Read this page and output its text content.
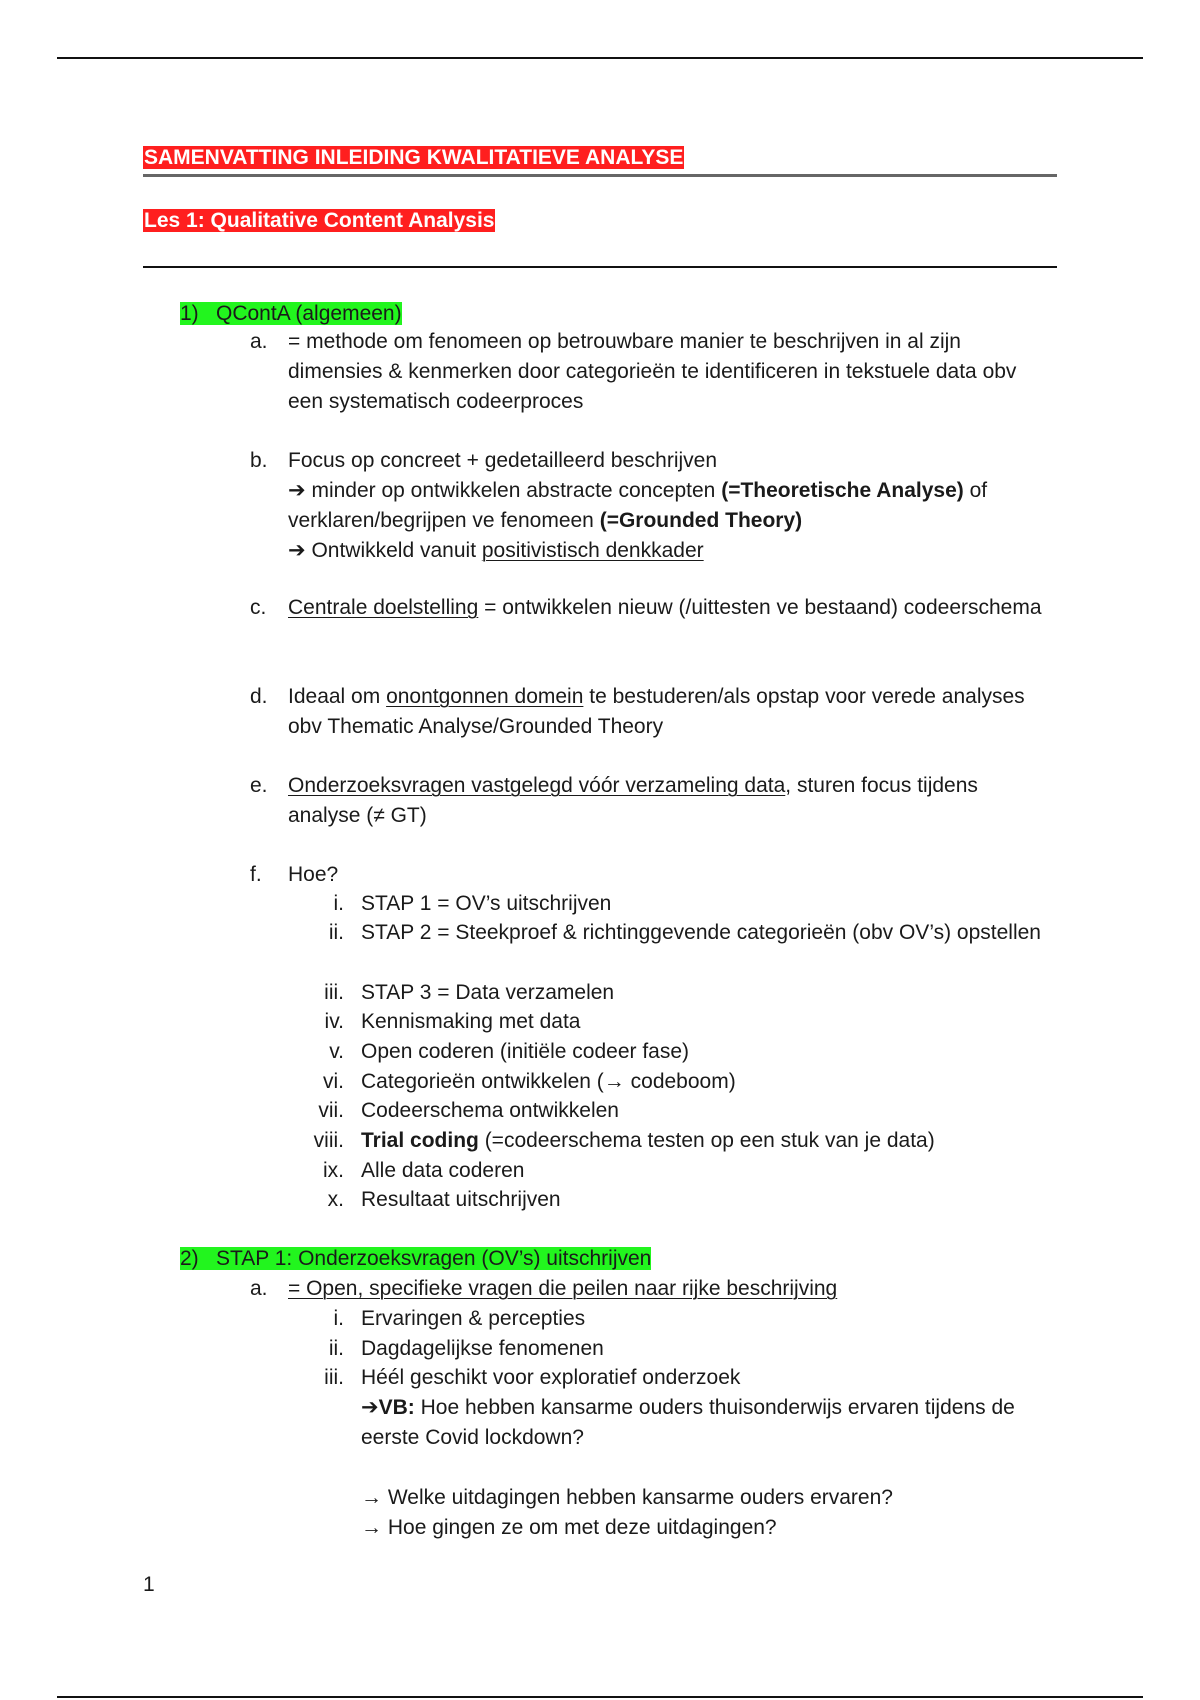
SAMENVATTING INLEIDING KWALITATIEVE ANALYSE
Les 1: Qualitative Content Analysis
1) QContA (algemeen)
a. = methode om fenomeen op betrouwbare manier te beschrijven in al zijn dimensies & kenmerken door categorieën te identificeren in tekstuele data obv een systematisch codeerproces
b. Focus op concreet + gedetailleerd beschrijven
➔ minder op ontwikkelen abstracte concepten (=Theoretische Analyse) of verklaren/begrijpen ve fenomeen (=Grounded Theory)
➔ Ontwikkeld vanuit positivistisch denkkader
c.	Centrale doelstelling = ontwikkelen nieuw (/uittesten ve bestaand) codeerschema
d. Ideaal om onontgonnen domein te bestuderen/als opstap voor verede analyses obv Thematic Analyse/Grounded Theory
e. Onderzoeksvragen vastgelegd vóór verzameling data, sturen focus tijdens analyse (≠ GT)
f.	Hoe?
i. STAP 1 = OV’s uitschrijven
ii. STAP 2 = Steekproef & richtinggevende categorieën (obv OV’s) opstellen
iii. STAP 3 = Data verzamelen
iv. Kennismaking met data
v. Open coderen (initiële codeer fase)
vi. Categorieën ontwikkelen (→ codeboom)
vii. Codeerschema ontwikkelen
viii. Trial coding (=codeerschema testen op een stuk van je data)
ix. Alle data coderen
x. Resultaat uitschrijven
2) STAP 1: Onderzoeksvragen (OV’s) uitschrijven
a. = Open, specifieke vragen die peilen naar rijke beschrijving
i. Ervaringen & percepties
ii. Dagdagelijkse fenomenen
iii. Héél geschikt voor exploratief onderzoek
➔VB: Hoe hebben kansarme ouders thuisonderwijs ervaren tijdens de eerste Covid lockdown?
→ Welke uitdagingen hebben kansarme ouders ervaren?
→ Hoe gingen ze om met deze uitdagingen?
1
